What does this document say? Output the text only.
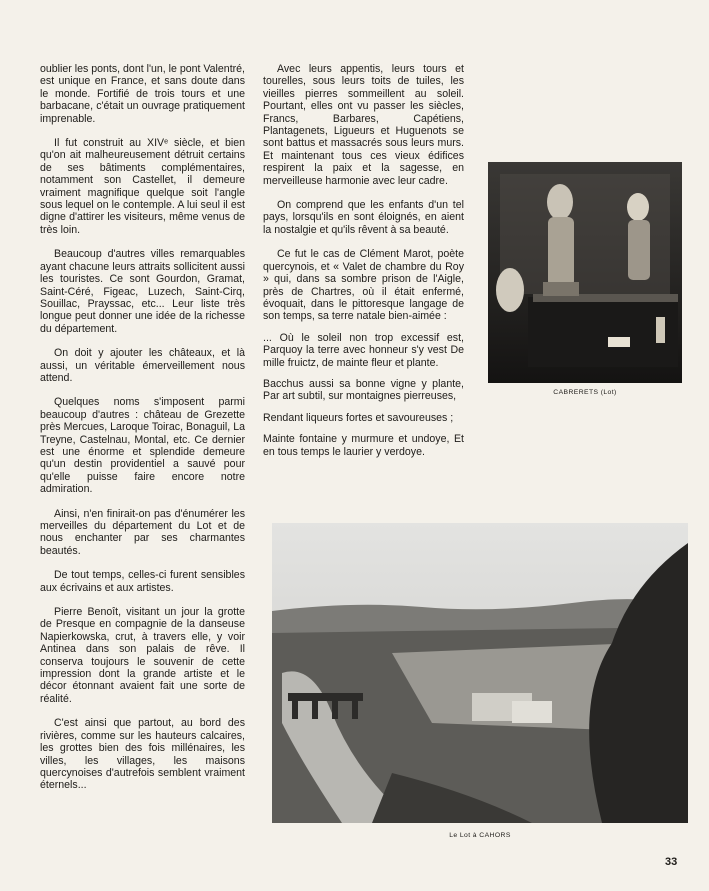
oublier les ponts, dont l'un, le pont Valentré, est unique en France, et sans doute dans le monde. Fortifié de trois tours et une barbacane, c'était un ouvrage pratiquement imprenable.

Il fut construit au XIVᵉ siècle, et bien qu'on ait malheureusement détruit certains de ses bâtiments complémentaires, notamment son Castellet, il demeure vraiment magnifique quelque soit l'angle sous lequel on le contemple. A lui seul il est digne d'attirer les visiteurs, même venus de très loin.

Beaucoup d'autres villes remarquables ayant chacune leurs attraits sollicitent aussi les touristes. Ce sont Gourdon, Gramat, Saint-Céré, Figeac, Luzech, Saint-Cirq, Souillac, Prayssac, etc... Leur liste très longue peut donner une idée de la richesse du département.

On doit y ajouter les châteaux, et là aussi, un véritable émerveillement nous attend.

Quelques noms s'imposent parmi beaucoup d'autres : château de Grezette près Mercues, Laroque Toirac, Bonaguil, La Treyne, Castelnau, Montal, etc. Ce dernier est une énorme et splendide demeure qu'un destin providentiel a sauvé pour qu'elle puisse faire encore notre admiration.

Ainsi, n'en finirait-on pas d'énumérer les merveilles du département du Lot et de nous enchanter par ses charmantes beautés.

De tout temps, celles-ci furent sensibles aux écrivains et aux artistes.

Pierre Benoît, visitant un jour la grotte de Presque en compagnie de la danseuse Napierkowska, crut, à travers elle, y voir Antinea dans son palais de rêve. Il conserva toujours le souvenir de cette impression dont la grande artiste et le décor étonnant avaient fait une sorte de réalité.

C'est ainsi que partout, au bord des rivières, comme sur les hauteurs calcaires, les grottes bien des fois millénaires, les villes, les villages, les maisons quercynoises d'autrefois semblent vraiment éternels...

Avec leurs appentis, leurs tours et tourelles, sous leurs toits de tuiles, les vieilles pierres sommeillent au soleil. Pourtant, elles ont vu passer les siècles, Francs, Barbares, Capétiens, Plantagenets, Ligueurs et Huguenots se sont battus et massacrés sous leurs murs. Et maintenant tous ces vieux édifices respirent la paix et la sagesse, en merveilleuse harmonie avec leur cadre.

On comprend que les enfants d'un tel pays, lorsqu'ils en sont éloignés, en aient la nostalgie et qu'ils rêvent à sa beauté.

Ce fut le cas de Clément Marot, poète quercynois, et « Valet de chambre du Roy » qui, dans sa sombre prison de l'Aigle, près de Chartres, où il était enfermé, évoquait, dans le pittoresque langage de son temps, sa terre natale bien-aimée :

... Où le soleil non trop excessif est, Parquoy la terre avec honneur s'y vest De mille fruictz, de mainte fleur et plante.

Bacchus aussi sa bonne vigne y plante, Par art subtil, sur montaignes pierreuses,

Rendant liqueurs fortes et savoureuses ;

Mainte fontaine y murmure et undoye, Et en tous temps le laurier y verdoye.

CABRERETS (Lot)
Le Lot à CAHORS
33
